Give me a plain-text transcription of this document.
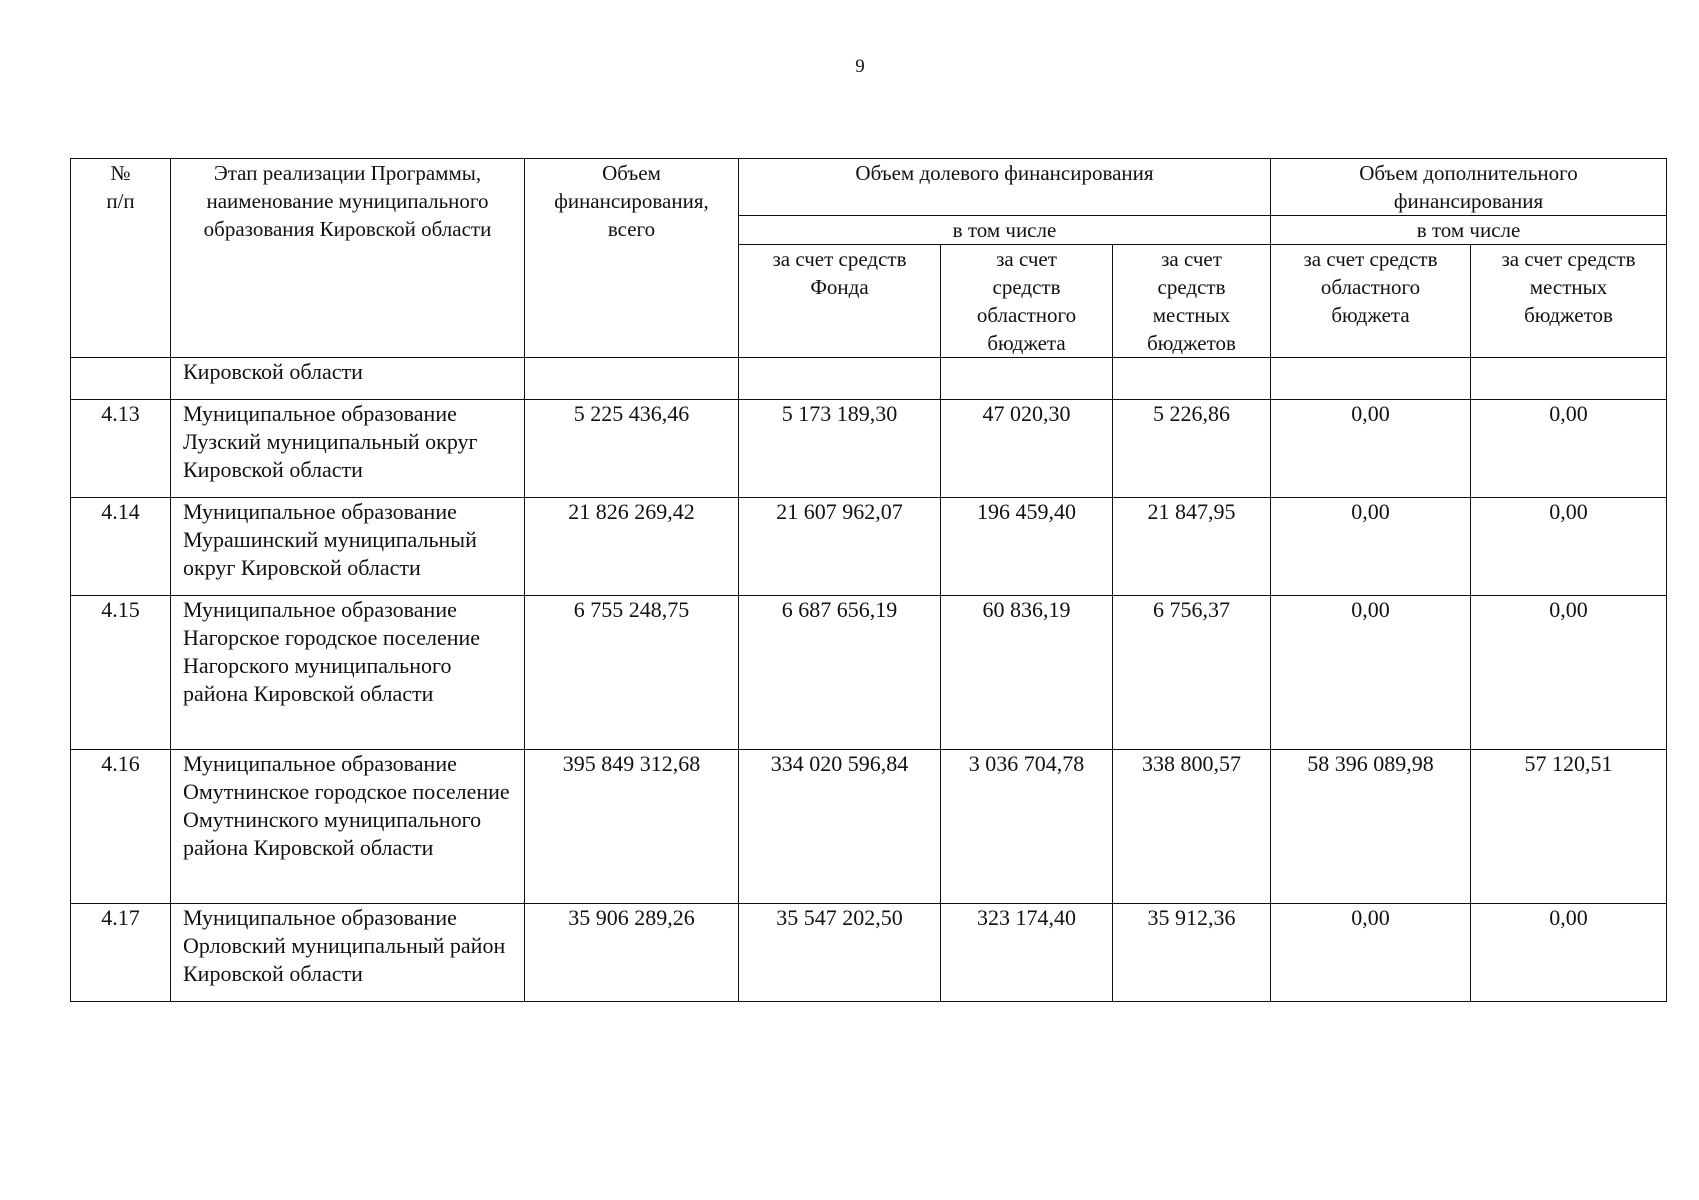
9
№
п/п	Этап реализации Программы, наименование муниципального образования Кировской области	Объем финансирования, всего	Объем долевого финансирования			Объем дополнительного финансирования	
			в том числе			в том числе	
			за счет средств Фонда	за счет средств областного бюджета	за счет средств местных бюджетов	за счет средств областного бюджета	за счет средств местных бюджетов
	Кировской области						
4.13	Муниципальное образование Лузский муниципальный округ Кировской области	5 225 436,46	5 173 189,30	47 020,30	5 226,86	0,00	0,00
4.14	Муниципальное образование Мурашинский муниципальный округ Кировской области	21 826 269,42	21 607 962,07	196 459,40	21 847,95	0,00	0,00
4.15	Муниципальное образование Нагорское городское поселение Нагорского муниципального района Кировской области	6 755 248,75	6 687 656,19	60 836,19	6 756,37	0,00	0,00
4.16	Муниципальное образование Омутнинское городское поселение Омутнинского муниципального района Кировской области	395 849 312,68	334 020 596,84	3 036 704,78	338 800,57	58 396 089,98	57 120,51
4.17	Муниципальное образование Орловский муниципальный район Кировской области	35 906 289,26	35 547 202,50	323 174,40	35 912,36	0,00	0,00
